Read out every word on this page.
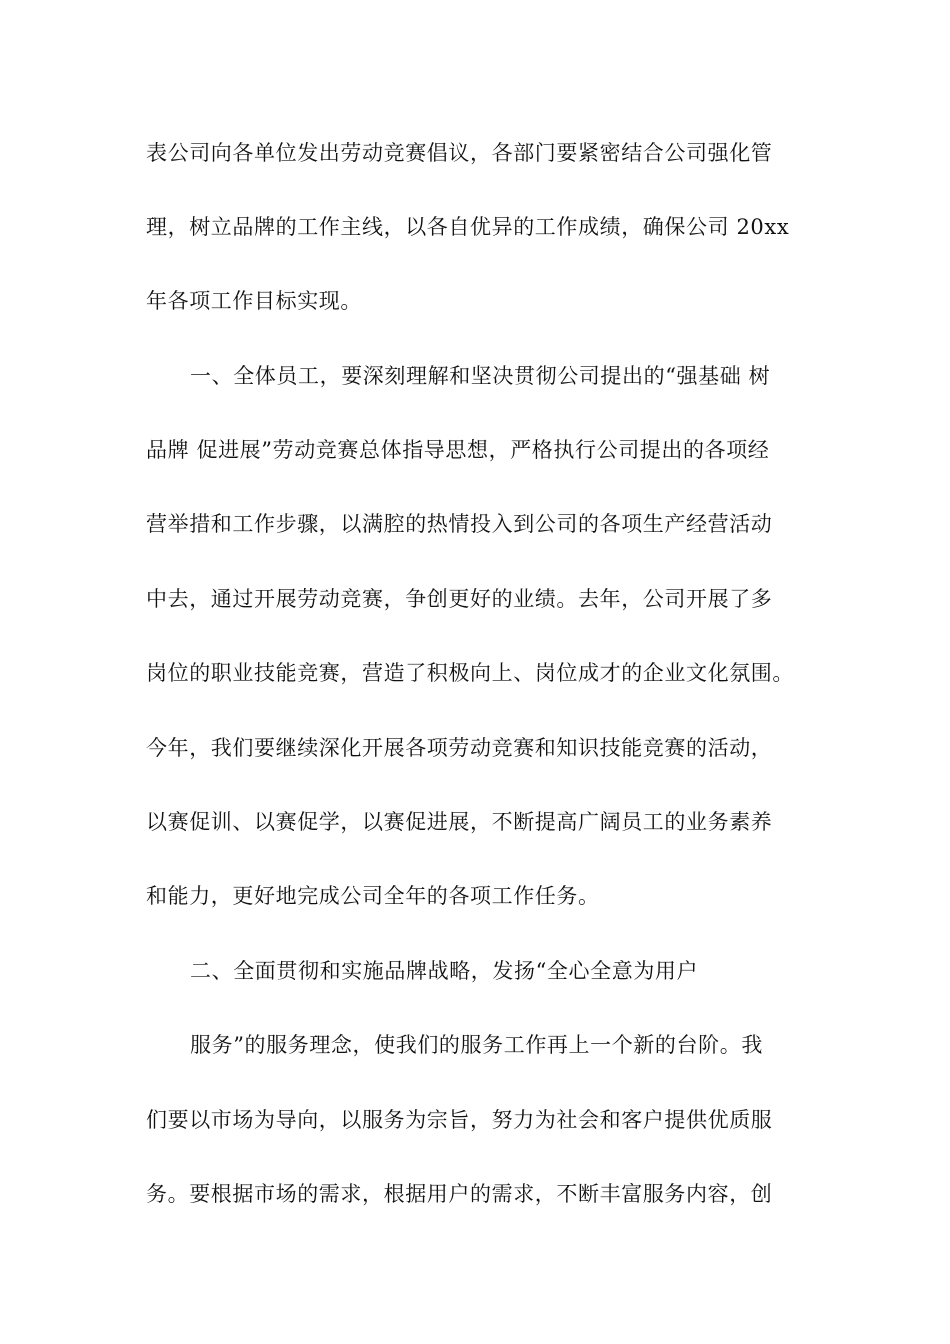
表公司向各单位发出劳动竞赛倡议，各部门要紧密结合公司强化管
理，树立品牌的工作主线，以各自优异的工作成绩，确保公司 20xx
年各项工作目标实现。
一、全体员工，要深刻理解和坚决贯彻公司提出的“强基础 树
品牌 促进展”劳动竞赛总体指导思想，严格执行公司提出的各项经
营举措和工作步骤，以满腔的热情投入到公司的各项生产经营活动
中去，通过开展劳动竞赛，争创更好的业绩。去年，公司开展了多
岗位的职业技能竞赛，营造了积极向上、岗位成才的企业文化氛围。
今年，我们要继续深化开展各项劳动竞赛和知识技能竞赛的活动，
以赛促训、以赛促学，以赛促进展，不断提高广阔员工的业务素养
和能力，更好地完成公司全年的各项工作任务。
二、全面贯彻和实施品牌战略，发扬“全心全意为用户
服务”的服务理念，使我们的服务工作再上一个新的台阶。我
们要以市场为导向，以服务为宗旨，努力为社会和客户提供优质服
务。要根据市场的需求，根据用户的需求，不断丰富服务内容，创
